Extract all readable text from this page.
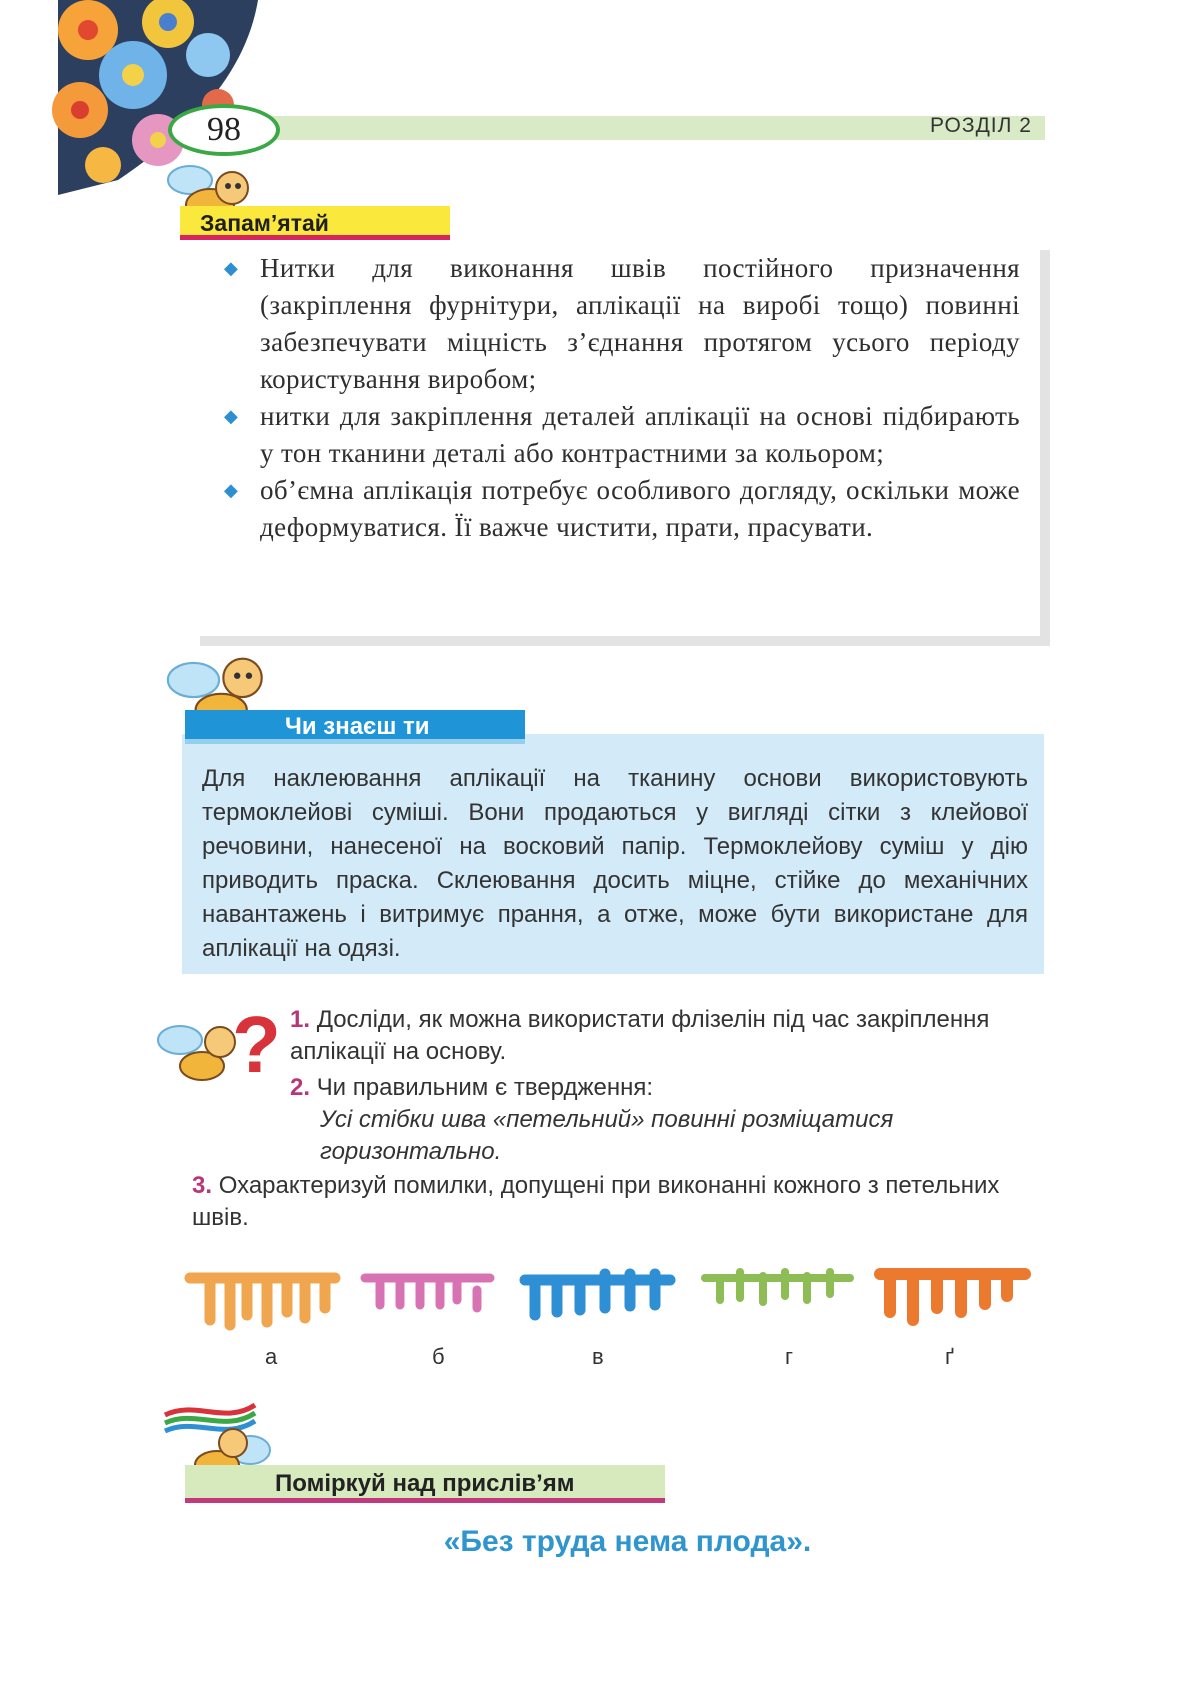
РОЗДІЛ 2
98
Запам’ятай
◆ Нитки для виконання швів постійного призначення (закріплення фурнітури, аплікації на виробі тощо) повинні забезпечувати міцність з’єднання протягом усього періоду користування виробом;
◆ нитки для закріплення деталей аплікації на основі підбирають у тон тканини деталі або контрастними за кольором;
◆ об’ємна аплікація потребує особливого догляду, оскільки може деформуватися. Її важче чистити, прати, прасувати.
Для наклеювання аплікації на тканину основи використовують термоклейові суміші. Вони продаються у вигляді сітки з клейової речовини, нанесеної на восковий папір. Термоклейову суміш у дію приводить праска. Склеювання досить міцне, стійке до механічних навантажень і витримує прання, а отже, може бути використане для аплікації на одязі.
Чи знаєш ти
? 1. Досліди, як можна використати флізелін під час закріплення аплікації на основу.
2. Чи правильним є твердження:

Усі стібки шва «петельний» повинні розміщатися горизонтально.
3. Охарактеризуй помилки, допущені при виконанні кожного з петельних швів.
а	б	в	г	ґ
Поміркуй над прислів’ям
«Без труда нема плода».
